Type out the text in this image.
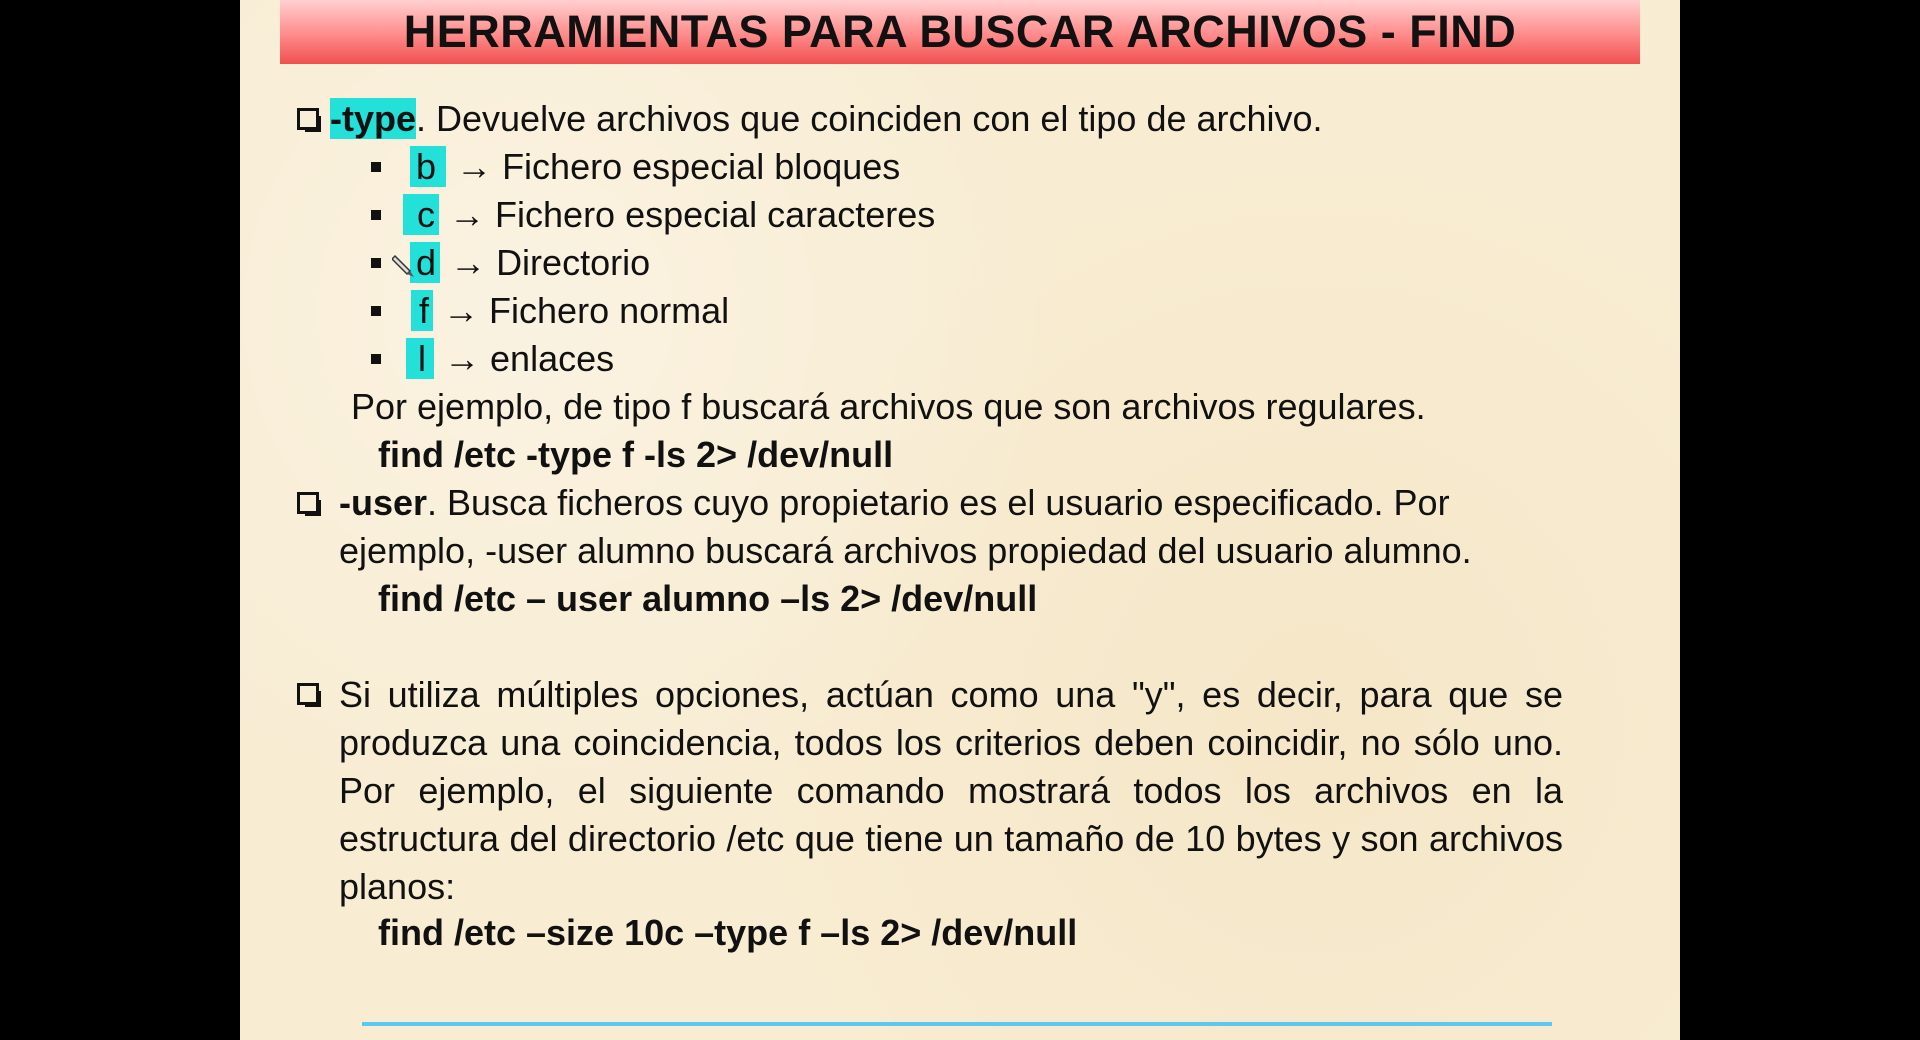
HERRAMIENTAS PARA BUSCAR ARCHIVOS - FIND
-type. Devuelve archivos que coinciden con el tipo de archivo.
b → Fichero especial bloques
c → Fichero especial caracteres
d → Directorio
f → Fichero normal
l → enlaces
Por ejemplo, de tipo f buscará archivos que son archivos regulares.
find /etc -type f -ls 2> /dev/null
-user. Busca ficheros cuyo propietario es el usuario especificado. Por
ejemplo, -user alumno buscará archivos propiedad del usuario alumno.
find /etc – user alumno –ls 2> /dev/null

Si utiliza múltiples opciones, actúan como una "y", es decir, para que se produzca una coincidencia, todos los criterios deben coincidir, no sólo uno. Por ejemplo, el siguiente comando mostrará todos los archivos en la estructura del directorio /etc que tiene un tamaño de 10 bytes y son archivos planos:

find /etc –size 10c –type f –ls 2> /dev/null
